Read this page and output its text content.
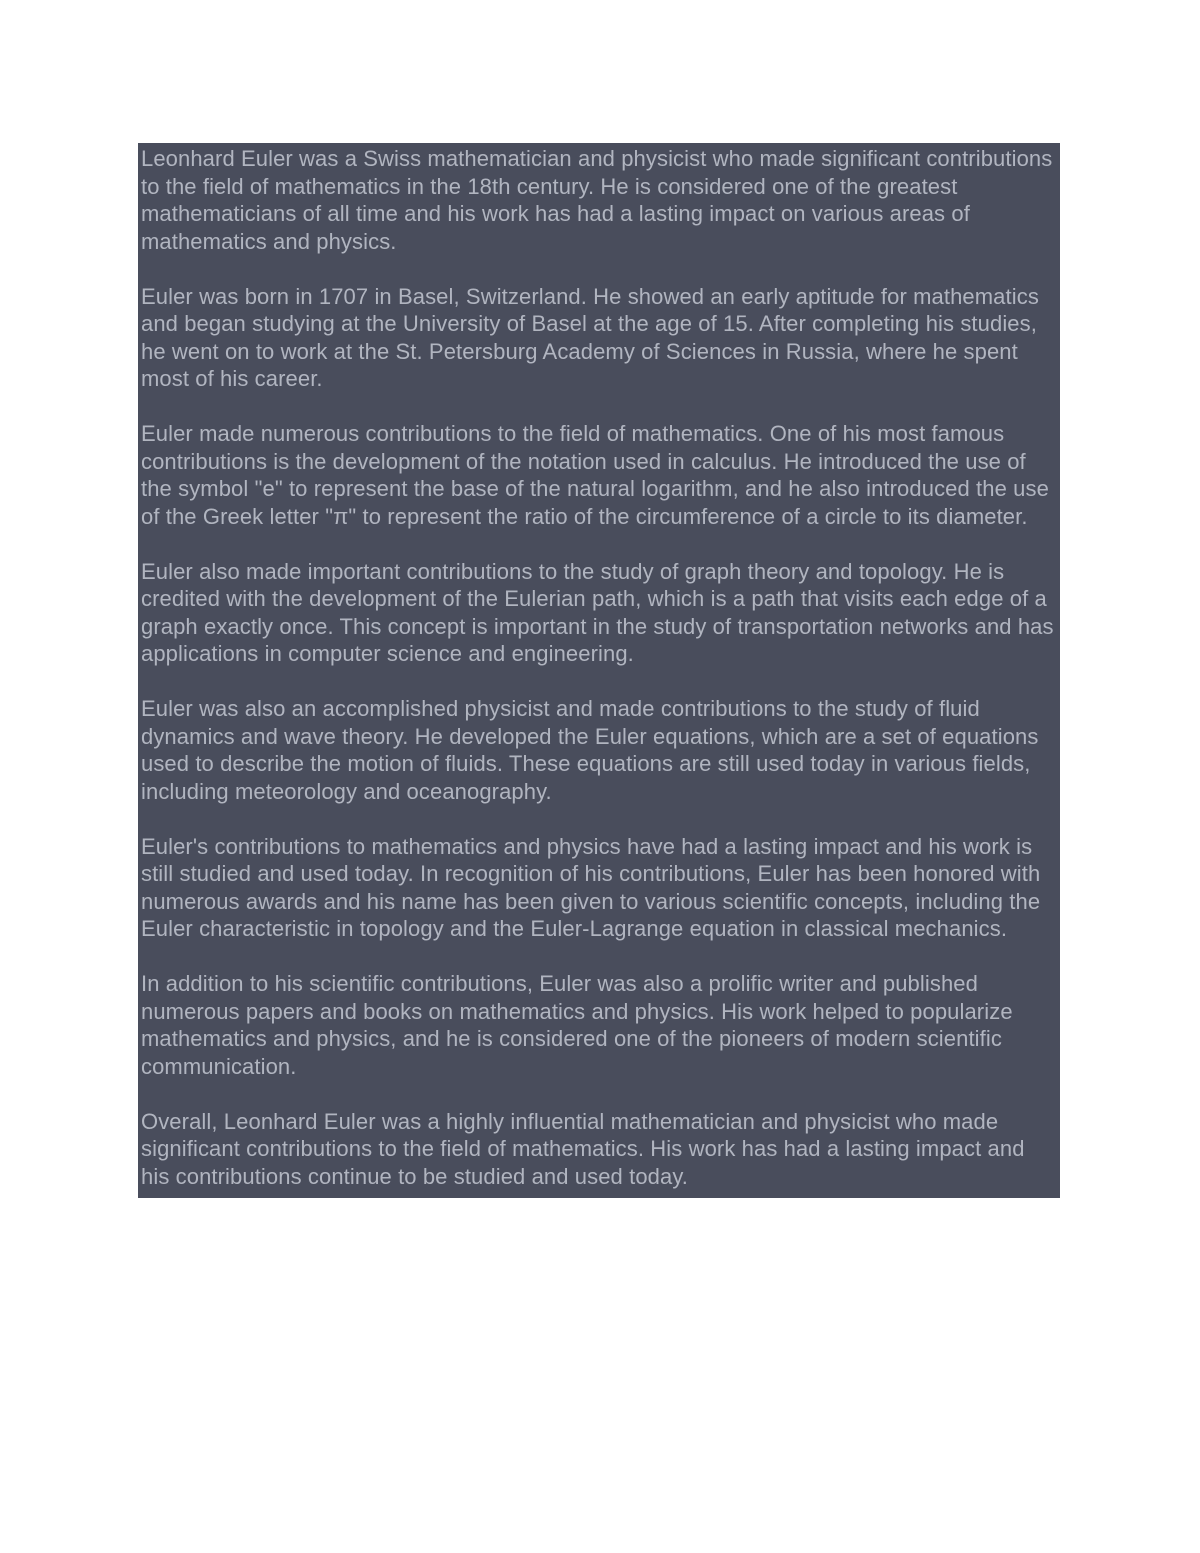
Leonhard Euler was a Swiss mathematician and physicist who made significant contributions to the field of mathematics in the 18th century. He is considered one of the greatest mathematicians of all time and his work has had a lasting impact on various areas of mathematics and physics.

Euler was born in 1707 in Basel, Switzerland. He showed an early aptitude for mathematics and began studying at the University of Basel at the age of 15. After completing his studies, he went on to work at the St. Petersburg Academy of Sciences in Russia, where he spent most of his career.

Euler made numerous contributions to the field of mathematics. One of his most famous contributions is the development of the notation used in calculus. He introduced the use of the symbol "e" to represent the base of the natural logarithm, and he also introduced the use of the Greek letter "π" to represent the ratio of the circumference of a circle to its diameter.

Euler also made important contributions to the study of graph theory and topology. He is credited with the development of the Eulerian path, which is a path that visits each edge of a graph exactly once. This concept is important in the study of transportation networks and has applications in computer science and engineering.

Euler was also an accomplished physicist and made contributions to the study of fluid dynamics and wave theory. He developed the Euler equations, which are a set of equations used to describe the motion of fluids. These equations are still used today in various fields, including meteorology and oceanography.

Euler's contributions to mathematics and physics have had a lasting impact and his work is still studied and used today. In recognition of his contributions, Euler has been honored with numerous awards and his name has been given to various scientific concepts, including the Euler characteristic in topology and the Euler-Lagrange equation in classical mechanics.

In addition to his scientific contributions, Euler was also a prolific writer and published numerous papers and books on mathematics and physics. His work helped to popularize mathematics and physics, and he is considered one of the pioneers of modern scientific communication.

Overall, Leonhard Euler was a highly influential mathematician and physicist who made significant contributions to the field of mathematics. His work has had a lasting impact and his contributions continue to be studied and used today.
